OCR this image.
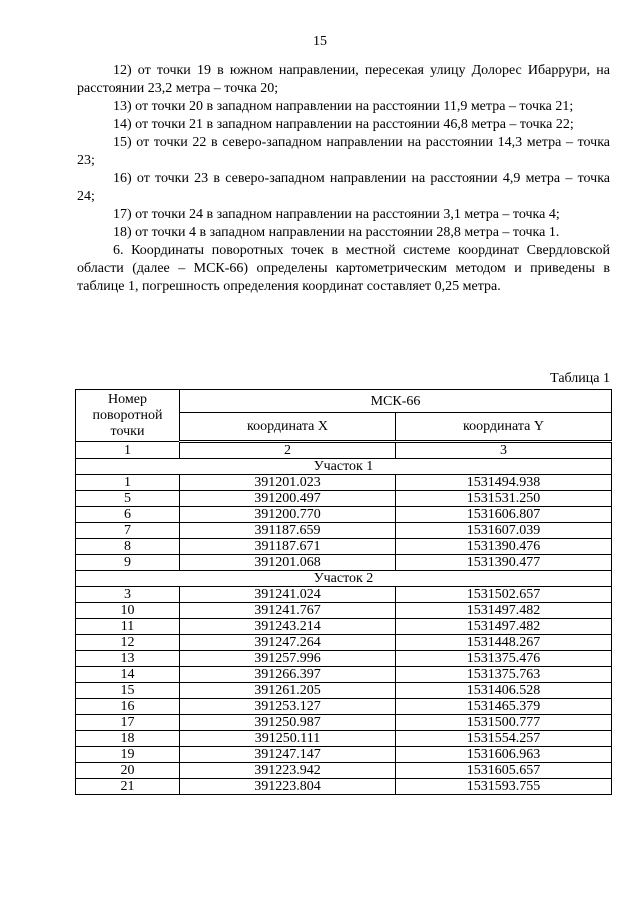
15

12) от точки 19 в южном направлении, пересекая улицу Долорес Ибаррури, на расстоянии 23,2 метра – точка 20;

13) от точки 20 в западном направлении на расстоянии 11,9 метра – точка 21;

14) от точки 21 в западном направлении на расстоянии 46,8 метра – точка 22;

15) от точки 22 в северо-западном направлении на расстоянии 14,3 метра – точка 23;

16) от точки 23 в северо-западном направлении на расстоянии 4,9 метра – точка 24;

17) от точки 24 в западном направлении на расстоянии 3,1 метра – точка 4;

18) от точки 4 в западном направлении на расстоянии 28,8 метра – точка 1.

6. Координаты поворотных точек в местной системе координат Свердловской области (далее – МСК-66) определены картометрическим методом и приведены в таблице 1, погрешность определения координат составляет 0,25 метра.

Таблица 1
Номер поворотной точки	МСК-66	
	координата X	координата Y
1	2	3
Участок 1		
1	391201.023	1531494.938
5	391200.497	1531531.250
6	391200.770	1531606.807
7	391187.659	1531607.039
8	391187.671	1531390.476
9	391201.068	1531390.477
Участок 2		
3	391241.024	1531502.657
10	391241.767	1531497.482
11	391243.214	1531497.482
12	391247.264	1531448.267
13	391257.996	1531375.476
14	391266.397	1531375.763
15	391261.205	1531406.528
16	391253.127	1531465.379
17	391250.987	1531500.777
18	391250.111	1531554.257
19	391247.147	1531606.963
20	391223.942	1531605.657
21	391223.804	1531593.755
